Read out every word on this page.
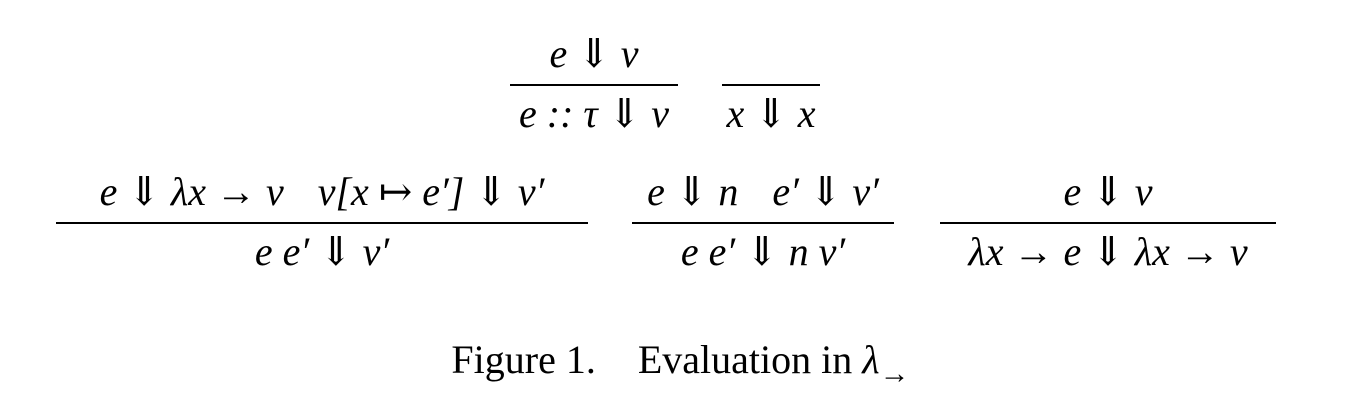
e ⇓ v
e :: τ ⇓ v x ⇓ x
e ⇓ λx → v v[x ↦ e′] ⇓ v′
e e′ ⇓ v′
e ⇓ n e′ ⇓ v′
e e′ ⇓ n v′
e ⇓ v
λx → e ⇓ λx → v
Figure 1. Evaluation in $\lambda_\to$
